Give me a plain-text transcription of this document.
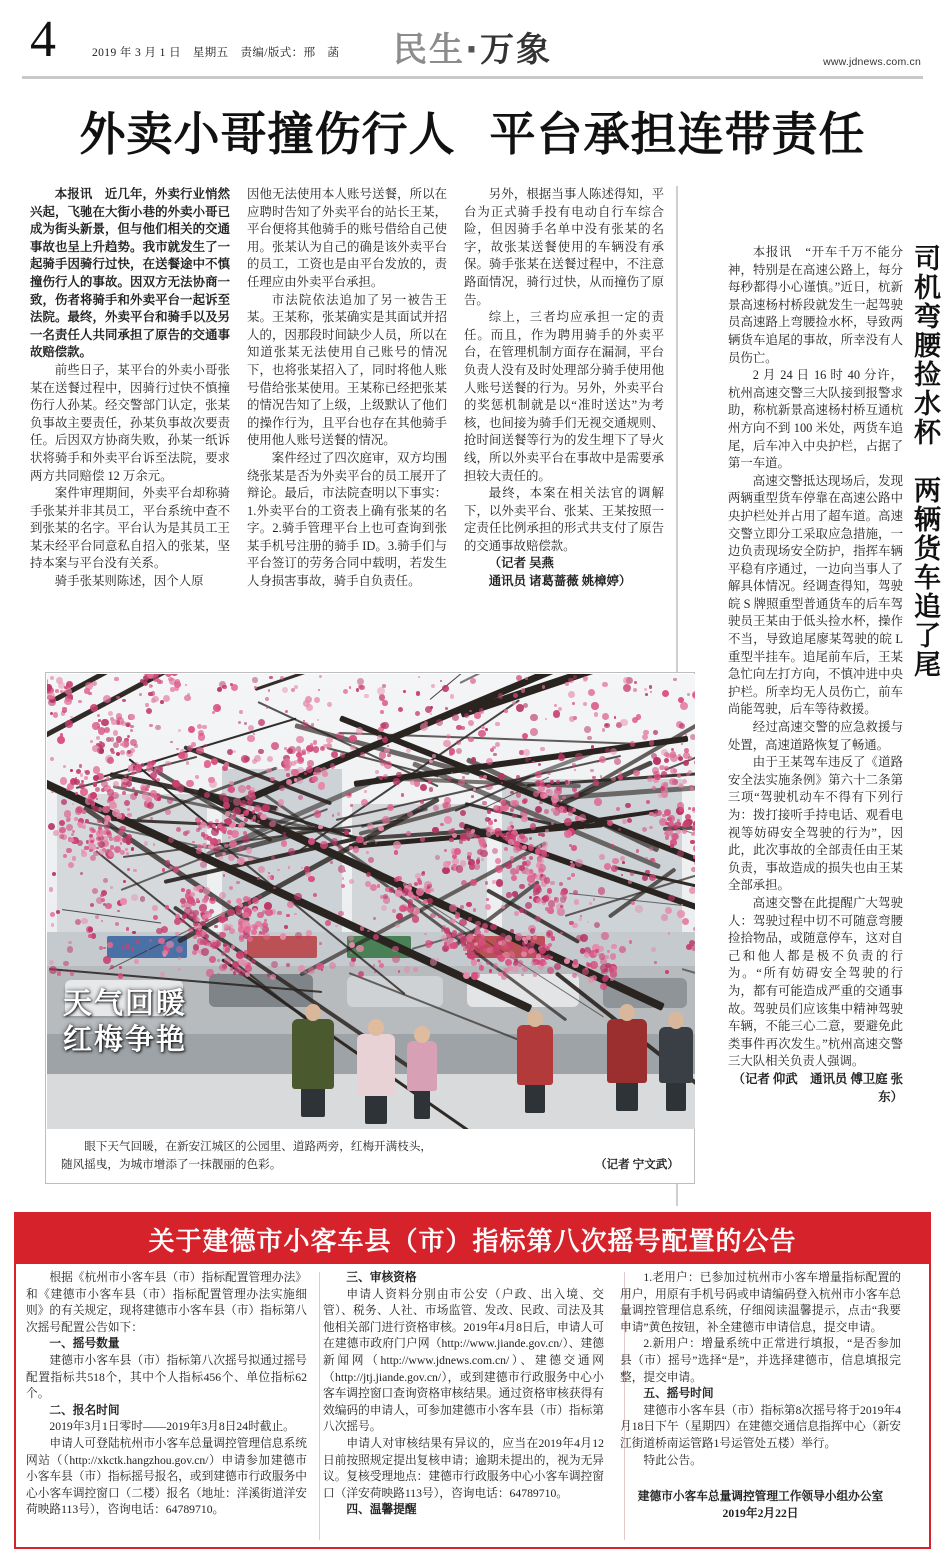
4	2019 年 3 月 1 日　星期五　责编/版式：邢　菡	民生·万象	www.jdnews.com.cn
外卖小哥撞伤行人 平台承担连带责任

本报讯　近几年，外卖行业悄然兴起，飞驰在大街小巷的外卖小哥已成为街头新景，但与他们相关的交通事故也呈上升趋势。我市就发生了一起骑手因骑行过快，在送餐途中不慎撞伤行人的事故。因双方无法协商一致，伤者将骑手和外卖平台一起诉至法院。最终，外卖平台和骑手以及另一名责任人共同承担了原告的交通事故赔偿款。

前些日子，某平台的外卖小哥张某在送餐过程中，因骑行过快不慎撞伤行人孙某。经交警部门认定，张某负事故主要责任，孙某负事故次要责任。后因双方协商失败，孙某一纸诉状将骑手和外卖平台诉至法院，要求两方共同赔偿 12 万余元。

案件审理期间，外卖平台却称骑手张某并非其员工，平台系统中查不到张某的名字。平台认为是其员工王某未经平台同意私自招入的张某，坚持本案与平台没有关系。

骑手张某则陈述，因个人原

因他无法使用本人账号送餐，所以在应聘时告知了外卖平台的站长王某，平台便将其他骑手的账号借给自己使用。张某认为自己的确是该外卖平台的员工，工资也是由平台发放的，责任理应由外卖平台承担。

市法院依法追加了另一被告王某。王某称，张某确实是其面试并招人的，因那段时间缺少人员，所以在知道张某无法使用自己账号的情况下，也将张某招入了，同时将他人账号借给张某使用。王某称已经把张某的情况告知了上级，上级默认了他们的操作行为，且平台也存在其他骑手使用他人账号送餐的情况。

案件经过了四次庭审，双方均围绕张某是否为外卖平台的员工展开了辩论。最后，市法院查明以下事实：1.外卖平台的工资表上确有张某的名字。2.骑手管理平台上也可查询到张某手机号注册的骑手 ID。3.骑手们与平台签订的劳务合同中载明，若发生人身损害事故，骑手自负责任。

另外，根据当事人陈述得知，平台为正式骑手投有电动自行车综合险，但因骑手名单中没有张某的名字，故张某送餐使用的车辆没有承保。骑手张某在送餐过程中，不注意路面情况，骑行过快，从而撞伤了原告。

综上，三者均应承担一定的责任。而且，作为聘用骑手的外卖平台，在管理机制方面存在漏洞，平台负责人没有及时处理部分骑手使用他人账号送餐的行为。另外，外卖平台的奖惩机制就是以“准时送达”为考核，也间接为骑手们无视交通规则、抢时间送餐等行为的发生埋下了导火线，所以外卖平台在事故中是需要承担较大责任的。

最终，本案在相关法官的调解下，以外卖平台、张某、王某按照一定责任比例承担的形式共支付了原告的交通事故赔偿款。

（记者 吴燕

通讯员 诸葛蔷薇 姚樟婷）	司机弯腰捡水杯　两辆货车追了尾

本报讯　“开车千万不能分神，特别是在高速公路上，每分每秒都得小心谨慎。”近日，杭新景高速杨村桥段就发生一起驾驶员高速路上弯腰捡水杯，导致两辆货车追尾的事故，所幸没有人员伤亡。

2 月 24 日 16 时 40 分许，杭州高速交警三大队接到报警求助，称杭新景高速杨村桥互通杭州方向不到 100 米处，两货车追尾，后车冲入中央护栏，占据了第一车道。

高速交警抵达现场后，发现两辆重型货车停靠在高速公路中央护栏处并占用了超车道。高速交警立即分工采取应急措施，一边负责现场安全防护，指挥车辆平稳有序通过，一边向当事人了解具体情况。经调查得知，驾驶皖 S 牌照重型普通货车的后车驾驶员王某由于低头捡水杯，操作不当，导致追尾廖某驾驶的皖 L 重型半挂车。追尾前车后，王某急忙向左打方向，不慎冲进中央护栏。所幸均无人员伤亡，前车尚能驾驶，后车等待救援。

经过高速交警的应急救援与处置，高速道路恢复了畅通。

由于王某驾车违反了《道路安全法实施条例》第六十二条第三项“驾驶机动车不得有下列行为：拨打接听手持电话、观看电视等妨碍安全驾驶的行为”，因此，此次事故的全部责任由王某负责，事故造成的损失也由王某全部承担。

高速交警在此提醒广大驾驶人：驾驶过程中切不可随意弯腰捡拾物品，或随意停车，这对自己和他人都是极不负责的行为。“所有妨碍安全驾驶的行为，都有可能造成严重的交通事故。驾驶员们应该集中精神驾驶车辆，不能三心二意，要避免此类事件再次发生。”杭州高速交警三大队相关负责人强调。

（记者 仰武　通讯员 傅卫庭 张东）

天气回暖
红梅争艳
眼下天气回暖，在新安江城区的公园里、道路两旁，红梅开满枝头，
随风摇曳，为城市增添了一抹靓丽的色彩。	（记者 宁文武）
关于建德市小客车县（市）指标第八次摇号配置的公告

根据《杭州市小客车县（市）指标配置管理办法》和《建德市小客车县（市）指标配置管理办法实施细则》的有关规定，现将建德市小客车县（市）指标第八次摇号配置公告如下：

一、摇号数量

建德市小客车县（市）指标第八次摇号拟通过摇号配置指标共518个，其中个人指标456个、单位指标62个。

二、报名时间

2019年3月1日零时——2019年3月8日24时截止。

申请人可登陆杭州市小客车总量调控管理信息系统网站（（http://xkctk.hangzhou.gov.cn/）申请参加建德市小客车县（市）指标摇号报名，或到建德市行政服务中心小客车调控窗口（二楼）报名（地址：洋溪街道洋安荷映路113号），咨询电话：64789710。

三、审核资格

申请人资料分别由市公安（户政、出入境、交管）、税务、人社、市场监管、发改、民政、司法及其他相关部门进行资格审核。2019年4月8日后，申请人可在建德市政府门户网（http://www.jiande.gov.cn/）、建德新闻网（http://www.jdnews.com.cn/）、建德交通网（http://jtj.jiande.gov.cn/），或到建德市行政服务中心小客车调控窗口查询资格审核结果。通过资格审核获得有效编码的申请人，可参加建德市小客车县（市）指标第八次摇号。

申请人对审核结果有异议的，应当在2019年4月12日前按照规定提出复核申请；逾期未提出的，视为无异议。复核受理地点：建德市行政服务中心小客车调控窗口（洋安荷映路113号），咨询电话：64789710。

四、温馨提醒

1.老用户：已参加过杭州市小客车增量指标配置的用户，用原有手机号码或申请编码登入杭州市小客车总量调控管理信息系统，仔细阅读温馨提示，点击“我要申请”黄色按钮，补全建德市申请信息，提交申请。

2.新用户：增量系统中正常进行填报，“是否参加县（市）摇号”选择“是”，并选择建德市，信息填报完整，提交申请。

五、摇号时间

建德市小客车县（市）指标第8次摇号将于2019年4月18日下午（星期四）在建德交通信息指挥中心（新安江街道桥南运管路1号运管处五楼）举行。

特此公告。

建德市小客车总量调控管理工作领导小组办公室

2019年2月22日
